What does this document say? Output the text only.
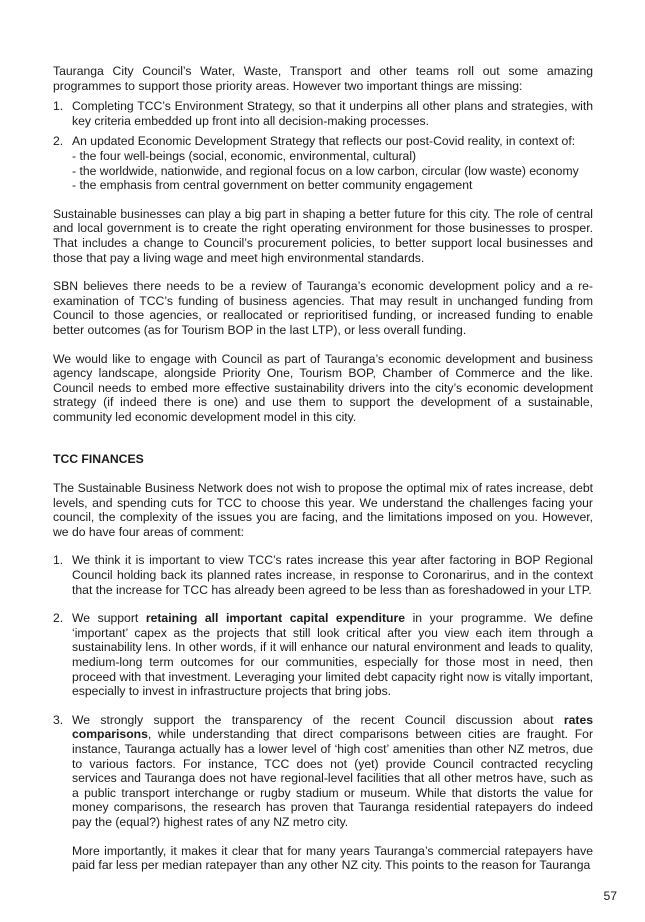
Tauranga City Council’s Water, Waste, Transport and other teams roll out some amazing programmes to support those priority areas. However two important things are missing:

1. Completing TCC’s Environment Strategy, so that it underpins all other plans and strategies, with key criteria embedded up front into all decision-making processes.
2. An updated Economic Development Strategy that reflects our post-Covid reality, in context of:
- the four well-beings (social, economic, environmental, cultural)
- the worldwide, nationwide, and regional focus on a low carbon, circular (low waste) economy
- the emphasis from central government on better community engagement

Sustainable businesses can play a big part in shaping a better future for this city. The role of central and local government is to create the right operating environment for those businesses to prosper. That includes a change to Council’s procurement policies, to better support local businesses and those that pay a living wage and meet high environmental standards.

SBN believes there needs to be a review of Tauranga’s economic development policy and a re-examination of TCC’s funding of business agencies. That may result in unchanged funding from Council to those agencies, or reallocated or reprioritised funding, or increased funding to enable better outcomes (as for Tourism BOP in the last LTP), or less overall funding.

We would like to engage with Council as part of Tauranga’s economic development and business agency landscape, alongside Priority One, Tourism BOP, Chamber of Commerce and the like. Council needs to embed more effective sustainability drivers into the city’s economic development strategy (if indeed there is one) and use them to support the development of a sustainable, community led economic development model in this city.

TCC FINANCES

The Sustainable Business Network does not wish to propose the optimal mix of rates increase, debt levels, and spending cuts for TCC to choose this year. We understand the challenges facing your council, the complexity of the issues you are facing, and the limitations imposed on you. However, we do have four areas of comment:

1. We think it is important to view TCC’s rates increase this year after factoring in BOP Regional Council holding back its planned rates increase, in response to Coronarirus, and in the context that the increase for TCC has already been agreed to be less than as foreshadowed in your LTP.
2. We support retaining all important capital expenditure in your programme. We define ‘important’ capex as the projects that still look critical after you view each item through a sustainability lens. In other words, if it will enhance our natural environment and leads to quality, medium-long term outcomes for our communities, especially for those most in need, then proceed with that investment. Leveraging your limited debt capacity right now is vitally important, especially to invest in infrastructure projects that bring jobs.
3. We strongly support the transparency of the recent Council discussion about rates comparisons, while understanding that direct comparisons between cities are fraught. For instance, Tauranga actually has a lower level of ‘high cost’ amenities than other NZ metros, due to various factors. For instance, TCC does not (yet) provide Council contracted recycling services and Tauranga does not have regional-level facilities that all other metros have, such as a public transport interchange or rugby stadium or museum. While that distorts the value for money comparisons, the research has proven that Tauranga residential ratepayers do indeed pay the (equal?) highest rates of any NZ metro city.
More importantly, it makes it clear that for many years Tauranga’s commercial ratepayers have paid far less per median ratepayer than any other NZ city. This points to the reason for Tauranga
57
